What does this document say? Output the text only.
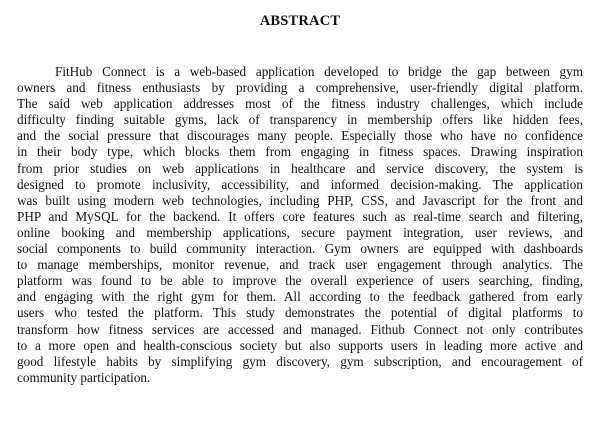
ABSTRACT
FitHub Connect is a web-based application developed to bridge the gap between gym
owners and fitness enthusiasts by providing a comprehensive, user-friendly digital platform.
The said web application addresses most of the fitness industry challenges, which include
difficulty finding suitable gyms, lack of transparency in membership offers like hidden fees,
and the social pressure that discourages many people. Especially those who have no confidence
in their body type, which blocks them from engaging in fitness spaces. Drawing inspiration
from prior studies on web applications in healthcare and service discovery, the system is
designed to promote inclusivity, accessibility, and informed decision-making. The application
was built using modern web technologies, including PHP, CSS, and Javascript for the front and
PHP and MySQL for the backend. It offers core features such as real-time search and filtering,
online booking and membership applications, secure payment integration, user reviews, and
social components to build community interaction. Gym owners are equipped with dashboards
to manage memberships, monitor revenue, and track user engagement through analytics. The
platform was found to be able to improve the overall experience of users searching, finding,
and engaging with the right gym for them. All according to the feedback gathered from early
users who tested the platform. This study demonstrates the potential of digital platforms to
transform how fitness services are accessed and managed. Fithub Connect not only contributes
to a more open and health-conscious society but also supports users in leading more active and
good lifestyle habits by simplifying gym discovery, gym subscription, and encouragement of
community participation.
